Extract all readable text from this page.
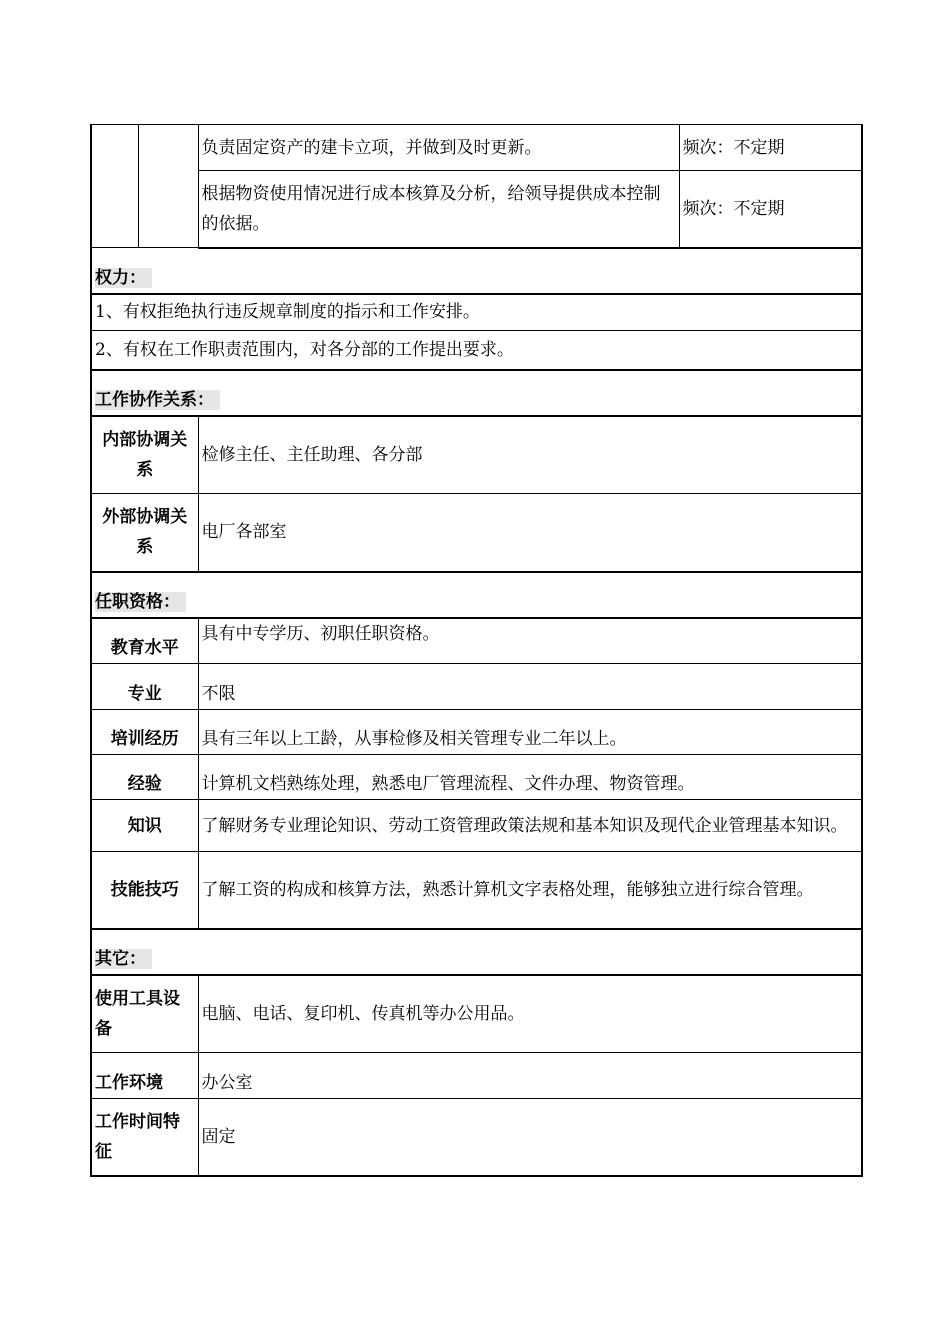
		负责固定资产的建卡立项，并做到及时更新。	频次：不定期
		根据物资使用情况进行成本核算及分析，给领导提供成本控制的依据。	频次：不定期
权力：			
1、有权拒绝执行违反规章制度的指示和工作安排。			
2、有权在工作职责范围内，对各分部的工作提出要求。			
工作协作关系：			
内部协调关系		检修主任、主任助理、各分部	
外部协调关系		电厂各部室	
任职资格：			
教育水平		具有中专学历、初职任职资格。	
专业		不限	
培训经历		具有三年以上工龄，从事检修及相关管理专业二年以上。	
经验		计算机文档熟练处理，熟悉电厂管理流程、文件办理、物资管理。	
知识		了解财务专业理论知识、劳动工资管理政策法规和基本知识及现代企业管理基本知识。	
技能技巧		了解工资的构成和核算方法，熟悉计算机文字表格处理，能够独立进行综合管理。	
其它：			
使用工具设备		电脑、电话、复印机、传真机等办公用品。	
工作环境		办公室	
工作时间特征		固定	
